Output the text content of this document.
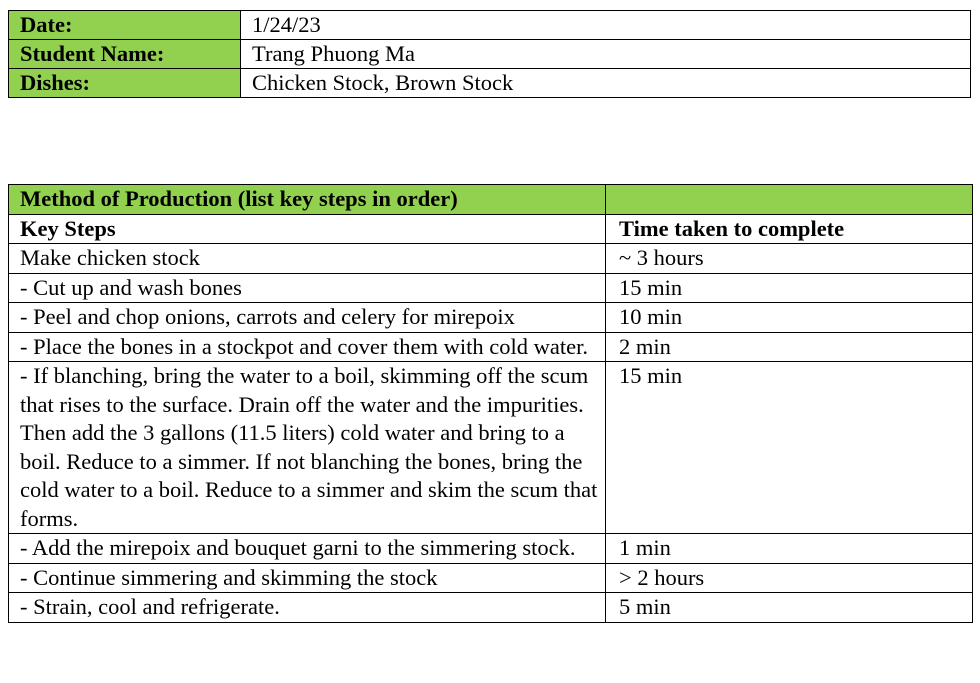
Date:	1/24/23
Student Name:	Trang Phuong Ma
Dishes:	Chicken Stock, Brown Stock
Method of Production (list key steps in order)	
Key Steps	Time taken to complete
Make chicken stock	~ 3 hours
- Cut up and wash bones	15 min
- Peel and chop onions, carrots and celery for mirepoix	10 min
- Place the bones in a stockpot and cover them with cold water.	2 min
- If blanching, bring the water to a boil, skimming off the scum that rises to the surface. Drain off the water and the impurities. Then add the 3 gallons (11.5 liters) cold water and bring to a boil. Reduce to a simmer. If not blanching the bones, bring the cold water to a boil. Reduce to a simmer and skim the scum that forms.	15 min
- Add the mirepoix and bouquet garni to the simmering stock.	1 min
- Continue simmering and skimming the stock	> 2 hours
- Strain, cool and refrigerate.	5 min
